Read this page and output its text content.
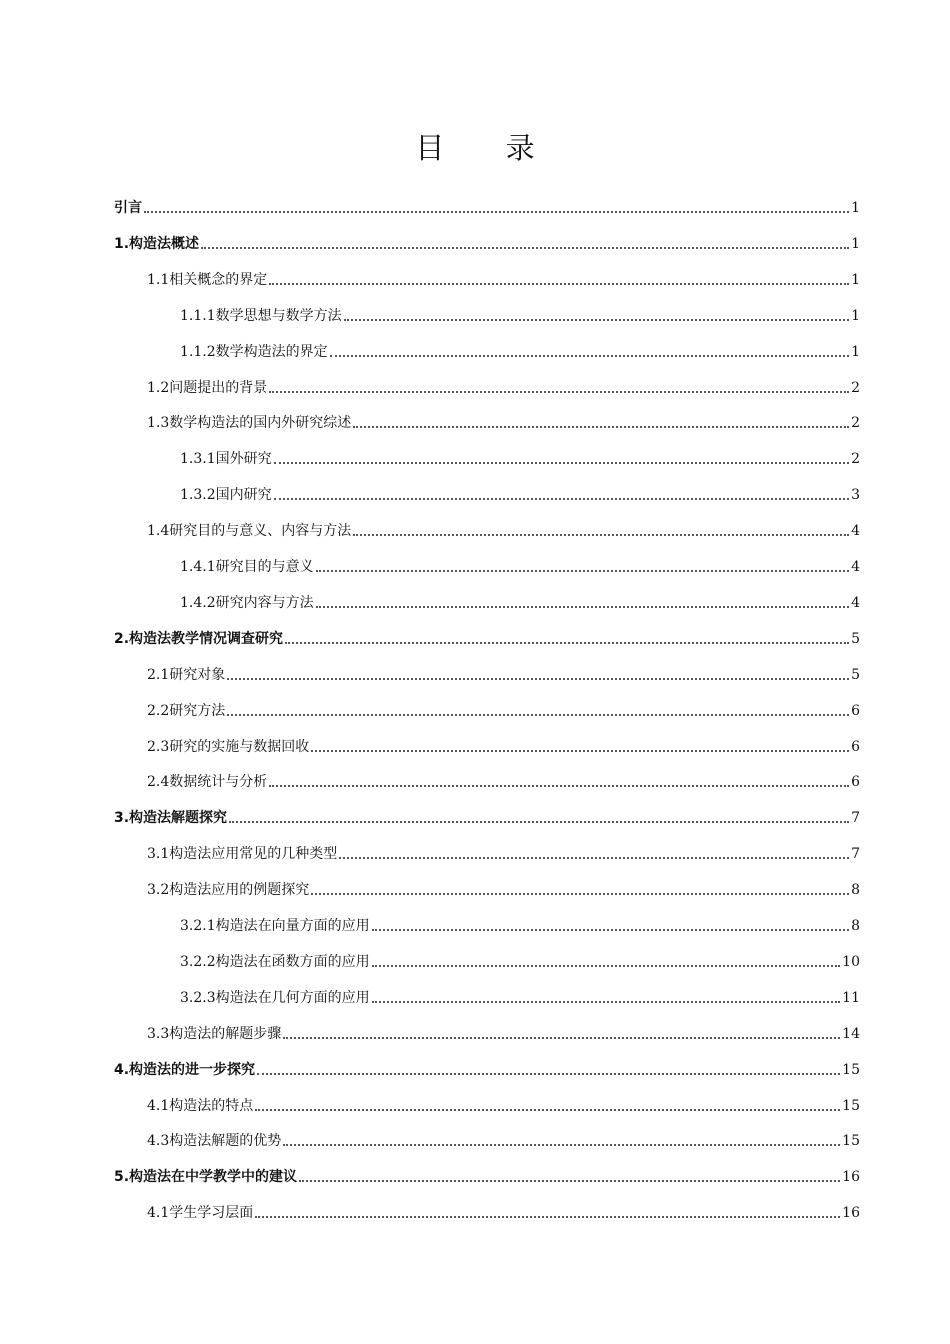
目 录
引言	1
1.构造法概述	1
1.1相关概念的界定	1
1.1.1数学思想与数学方法	1
1.1.2数学构造法的界定	1
1.2问题提出的背景	2
1.3数学构造法的国内外研究综述	2
1.3.1国外研究	2
1.3.2国内研究	3
1.4研究目的与意义、内容与方法	4
1.4.1研究目的与意义	4
1.4.2研究内容与方法	4
2.构造法教学情况调查研究	5
2.1研究对象	5
2.2研究方法	6
2.3研究的实施与数据回收	6
2.4数据统计与分析	6
3.构造法解题探究	7
3.1构造法应用常见的几种类型	7
3.2构造法应用的例题探究	8
3.2.1构造法在向量方面的应用	8
3.2.2构造法在函数方面的应用	10
3.2.3构造法在几何方面的应用	11
3.3构造法的解题步骤	14
4.构造法的进一步探究	15
4.1构造法的特点	15
4.3构造法解题的优势	15
5.构造法在中学教学中的建议	16
4.1学生学习层面	16
